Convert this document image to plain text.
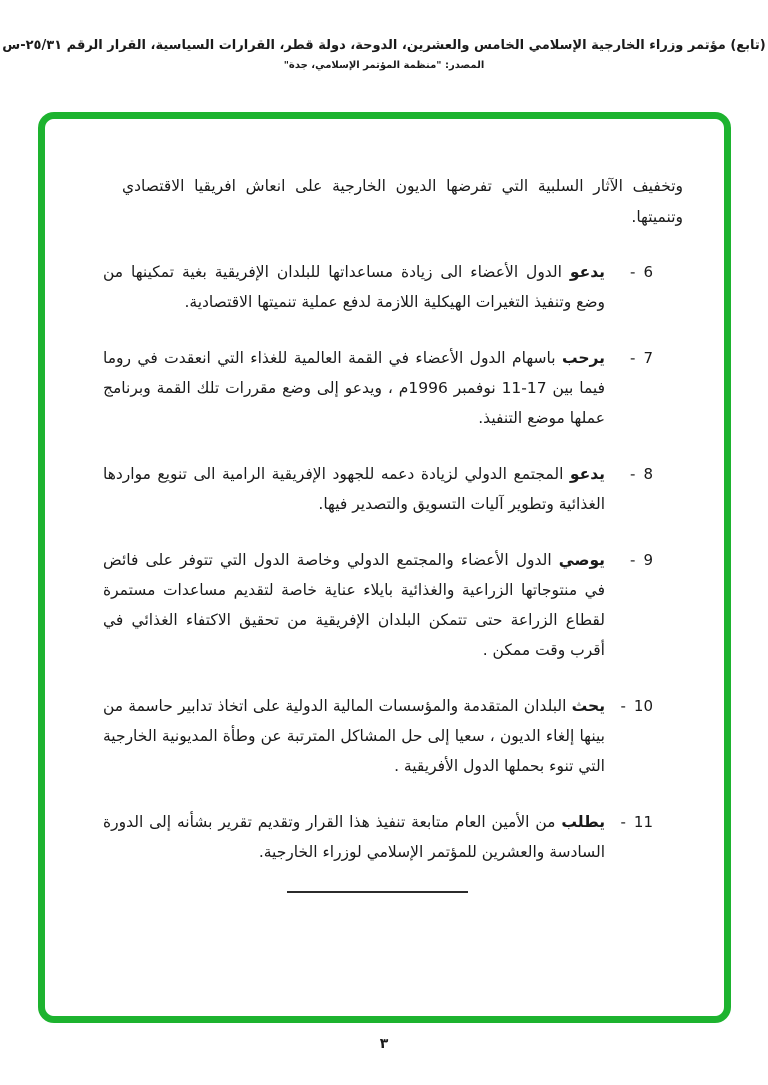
(تابع) مؤتمر وزراء الخارجية الإسلامي الخامس والعشرين، الدوحة، دولة قطر، القرارات السياسية، القرار الرقم ٢٥/٣١-س
المصدر: "منظمة المؤتمر الإسلامي، جدة"

وتخفيف الآثار السلبية التي تفرضها الديون الخارجية على انعاش افريقيا الاقتصادي وتنميتها.

6
-
يدعو الدول الأعضاء الى زيادة مساعداتها للبلدان الإفريقية بغية تمكينها من وضع وتنفيذ التغيرات الهيكلية اللازمة لدفع عملية تنميتها الاقتصادية.
7
-
يرحب باسهام الدول الأعضاء في القمة العالمية للغذاء التي انعقدت في روما فيما بين ‎11-17‎ نوفمبر 1996م ، ويدعو إلى وضع مقررات تلك القمة وبرنامج عملها موضع التنفيذ.
8
-
يدعو المجتمع الدولي لزيادة دعمه للجهود الإفريقية الرامية الى تنويع مواردها الغذائية وتطوير آليات التسويق والتصدير فيها.
9
-
يوصي الدول الأعضاء والمجتمع الدولي وخاصة الدول التي تتوفر على فائض في منتوجاتها الزراعية والغذائية بايلاء عناية خاصة لتقديم مساعدات مستمرة لقطاع الزراعة حتى تتمكن البلدان الإفريقية من تحقيق الاكتفاء الغذائي في أقرب وقت ممكن .
10
-
يحث البلدان المتقدمة والمؤسسات المالية الدولية على اتخاذ تدابير حاسمة من بينها إلغاء الديون ، سعيا إلى حل المشاكل المترتبة عن وطأة المديونية الخارجية التي تنوء بحملها الدول الأفريقية .
11
-
يطلب من الأمين العام متابعة تنفيذ هذا القرار وتقديم تقرير بشأنه إلى الدورة السادسة والعشرين للمؤتمر الإسلامي لوزراء الخارجية.
٣
